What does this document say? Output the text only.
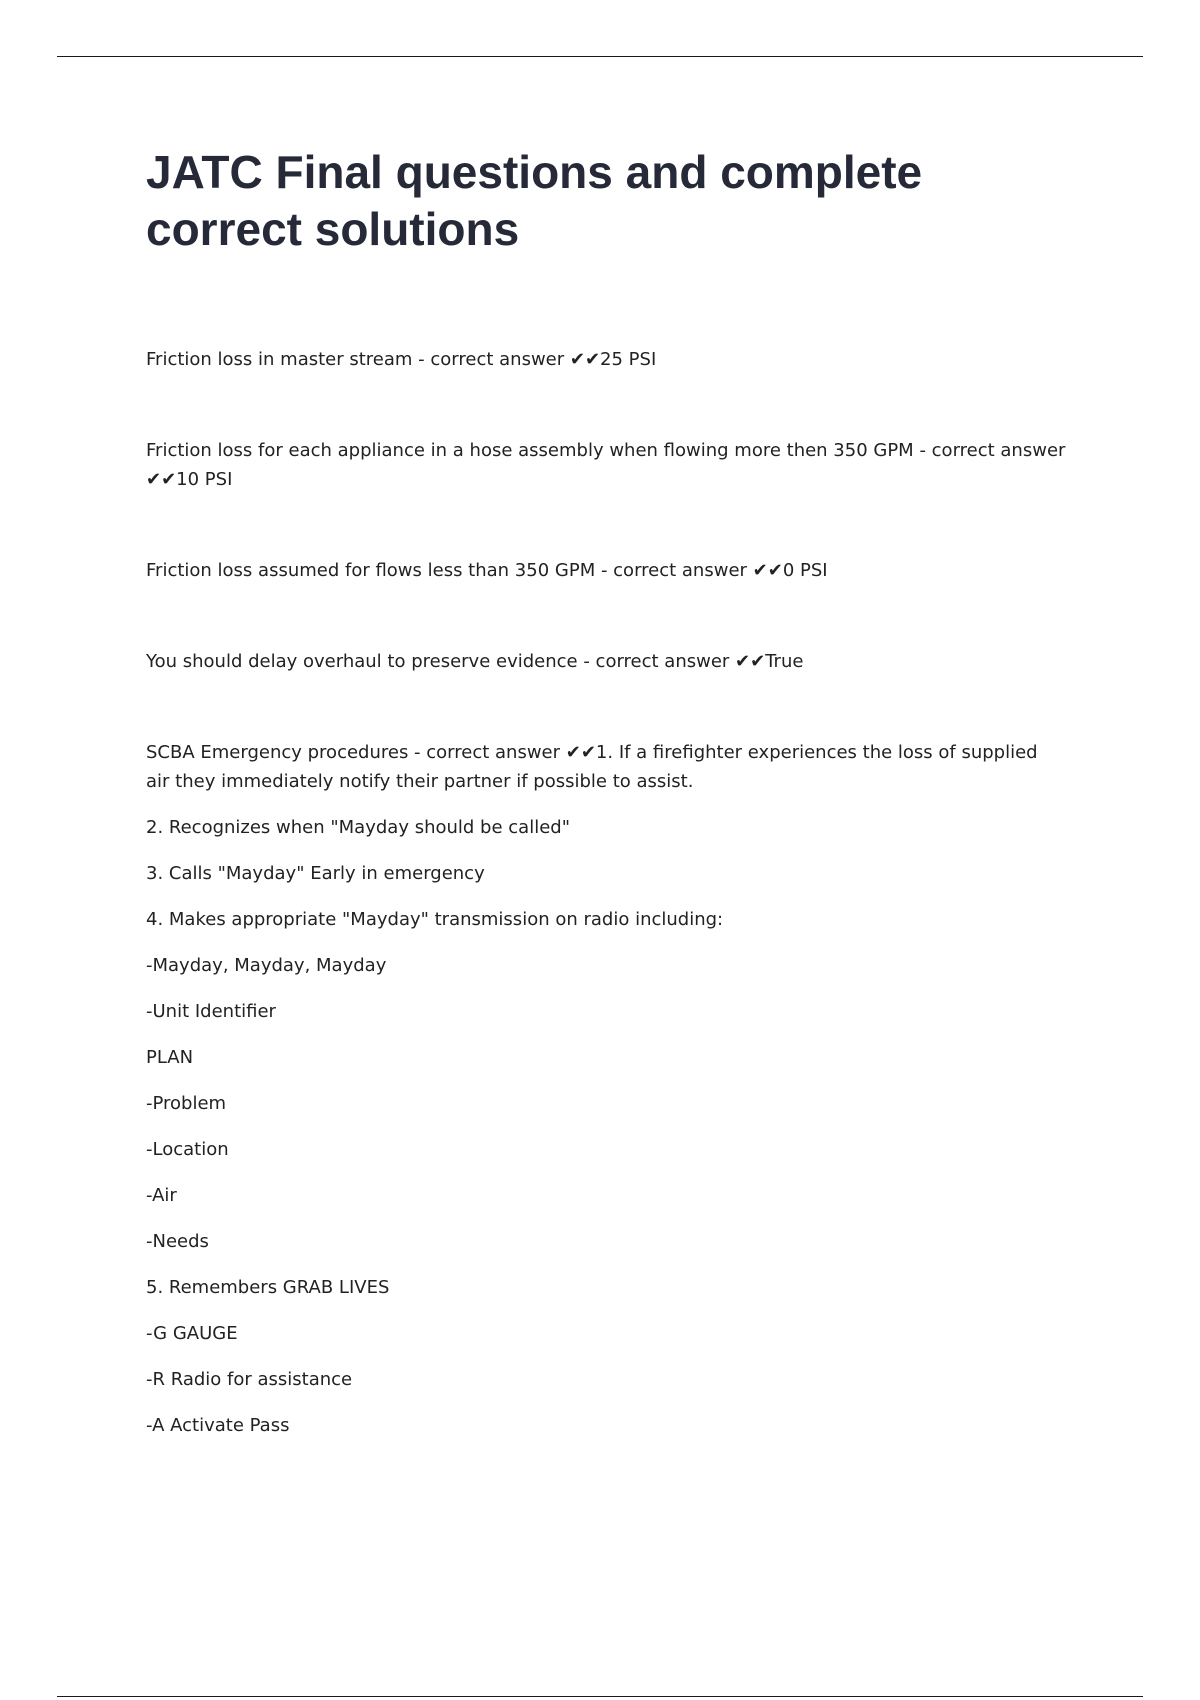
JATC Final questions and complete correct solutions

Friction loss in master stream - correct answer ✔✔25 PSI

Friction loss for each appliance in a hose assembly when flowing more then 350 GPM - correct answer ✔✔10 PSI

Friction loss assumed for flows less than 350 GPM - correct answer ✔✔0 PSI

You should delay overhaul to preserve evidence - correct answer ✔✔True

SCBA Emergency procedures - correct answer ✔✔1. If a firefighter experiences the loss of supplied air they immediately notify their partner if possible to assist.

2. Recognizes when "Mayday should be called"

3. Calls "Mayday" Early in emergency

4. Makes appropriate "Mayday" transmission on radio including:

-Mayday, Mayday, Mayday

-Unit Identifier

PLAN

-Problem

-Location

-Air

-Needs

5. Remembers GRAB LIVES

-G GAUGE

-R Radio for assistance

-A Activate Pass
